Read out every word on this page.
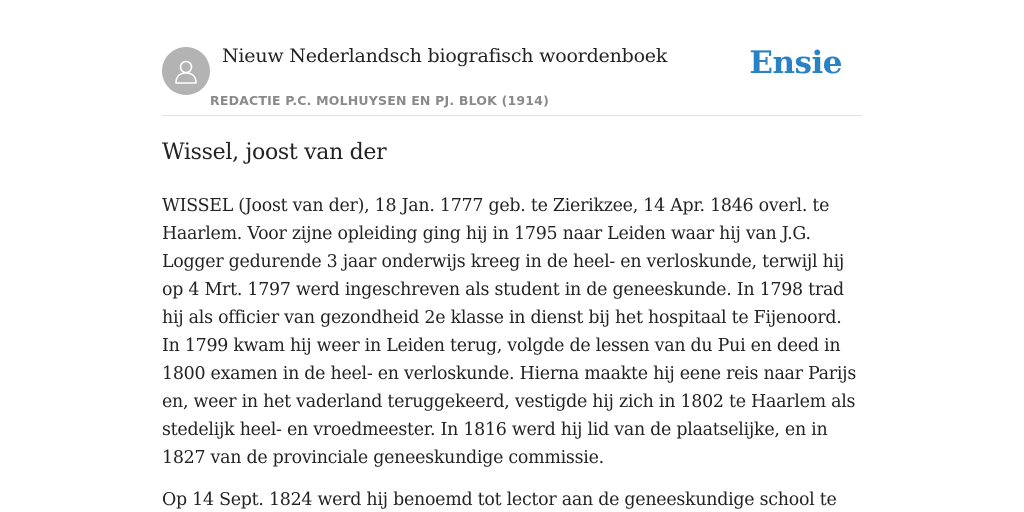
Nieuw Nederlandsch biografisch woordenboek
REDACTIE P.C. MOLHUYSEN EN PJ. BLOK (1914)
Ensie
Wissel, joost van der

WISSEL (Joost van der), 18 Jan. 1777 geb. te Zierikzee, 14 Apr. 1846 overl. te Haarlem. Voor zijne opleiding ging hij in 1795 naar Leiden waar hij van J.G. Logger gedurende 3 jaar onderwijs kreeg in de heel- en verloskunde, terwijl hij op 4 Mrt. 1797 werd ingeschreven als student in de geneeskunde. In 1798 trad hij als officier van gezondheid 2e klasse in dienst bij het hospitaal te Fijenoord. In 1799 kwam hij weer in Leiden terug, volgde de lessen van du Pui en deed in 1800 examen in de heel- en verloskunde. Hierna maakte hij eene reis naar Parijs en, weer in het vaderland teruggekeerd, vestigde hij zich in 1802 te Haarlem als stedelijk heel- en vroedmeester. In 1816 werd hij lid van de plaatselijke, en in 1827 van de provinciale geneeskundige commissie.

Op 14 Sept. 1824 werd hij benoemd tot lector aan de geneeskundige school te
